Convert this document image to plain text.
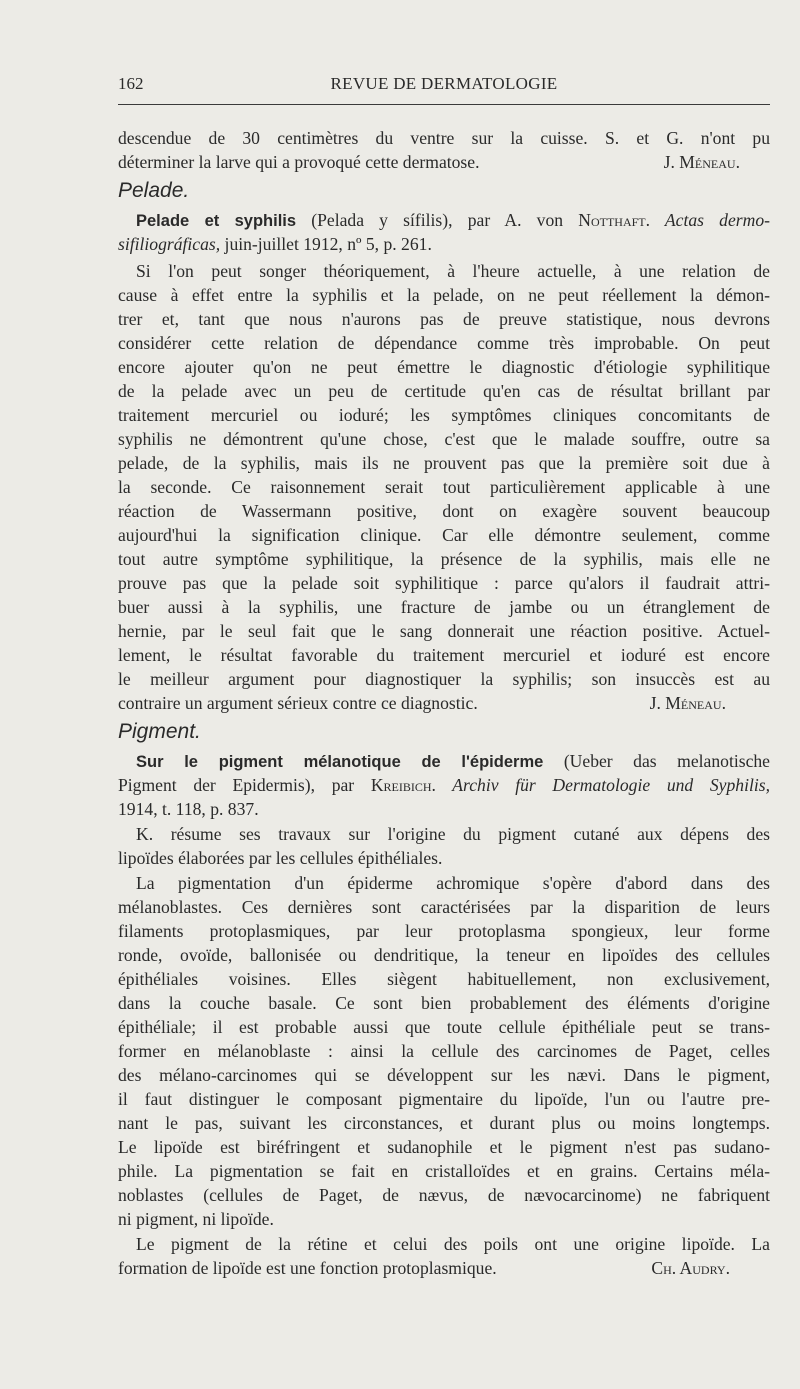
162	REVUE DE DERMATOLOGIE
descendue de 30 centimètres du ventre sur la cuisse. S. et G. n'ont pu
déterminer la larve qui a provoqué cette dermatose.	J. Méneau.
Pelade.
Pelade et syphilis (Pelada y sífilis), par A. von Notthaft. Actas dermo-
sifiliográficas, juin-juillet 1912, nº 5, p. 261.
Si l'on peut songer théoriquement, à l'heure actuelle, à une relation de
cause à effet entre la syphilis et la pelade, on ne peut réellement la démon-
trer et, tant que nous n'aurons pas de preuve statistique, nous devrons
considérer cette relation de dépendance comme très improbable. On peut
encore ajouter qu'on ne peut émettre le diagnostic d'étiologie syphilitique
de la pelade avec un peu de certitude qu'en cas de résultat brillant par
traitement mercuriel ou ioduré; les symptômes cliniques concomitants de
syphilis ne démontrent qu'une chose, c'est que le malade souffre, outre sa
pelade, de la syphilis, mais ils ne prouvent pas que la première soit due à
la seconde. Ce raisonnement serait tout particulièrement applicable à une
réaction de Wassermann positive, dont on exagère souvent beaucoup
aujourd'hui la signification clinique. Car elle démontre seulement, comme
tout autre symptôme syphilitique, la présence de la syphilis, mais elle ne
prouve pas que la pelade soit syphilitique : parce qu'alors il faudrait attri-
buer aussi à la syphilis, une fracture de jambe ou un étranglement de
hernie, par le seul fait que le sang donnerait une réaction positive. Actuel-
lement, le résultat favorable du traitement mercuriel et ioduré est encore
le meilleur argument pour diagnostiquer la syphilis; son insuccès est au
contraire un argument sérieux contre ce diagnostic.	J. Méneau.
Pigment.
Sur le pigment mélanotique de l'épiderme (Ueber das melanotische
Pigment der Epidermis), par Kreibich. Archiv für Dermatologie und Syphilis,
1914, t. 118, p. 837.
K. résume ses travaux sur l'origine du pigment cutané aux dépens des
lipoïdes élaborées par les cellules épithéliales.
La pigmentation d'un épiderme achromique s'opère d'abord dans des
mélanoblastes. Ces dernières sont caractérisées par la disparition de leurs
filaments protoplasmiques, par leur protoplasma spongieux, leur forme
ronde, ovoïde, ballonisée ou dendritique, la teneur en lipoïdes des cellules
épithéliales voisines. Elles siègent habituellement, non exclusivement,
dans la couche basale. Ce sont bien probablement des éléments d'origine
épithéliale; il est probable aussi que toute cellule épithéliale peut se trans-
former en mélanoblaste : ainsi la cellule des carcinomes de Paget, celles
des mélano-carcinomes qui se développent sur les nævi. Dans le pigment,
il faut distinguer le composant pigmentaire du lipoïde, l'un ou l'autre pre-
nant le pas, suivant les circonstances, et durant plus ou moins longtemps.
Le lipoïde est biréfringent et sudanophile et le pigment n'est pas sudano-
phile. La pigmentation se fait en cristalloïdes et en grains. Certains méla-
noblastes (cellules de Paget, de nævus, de nævocarcinome) ne fabriquent
ni pigment, ni lipoïde.
Le pigment de la rétine et celui des poils ont une origine lipoïde. La
formation de lipoïde est une fonction protoplasmique.	Ch. Audry.
